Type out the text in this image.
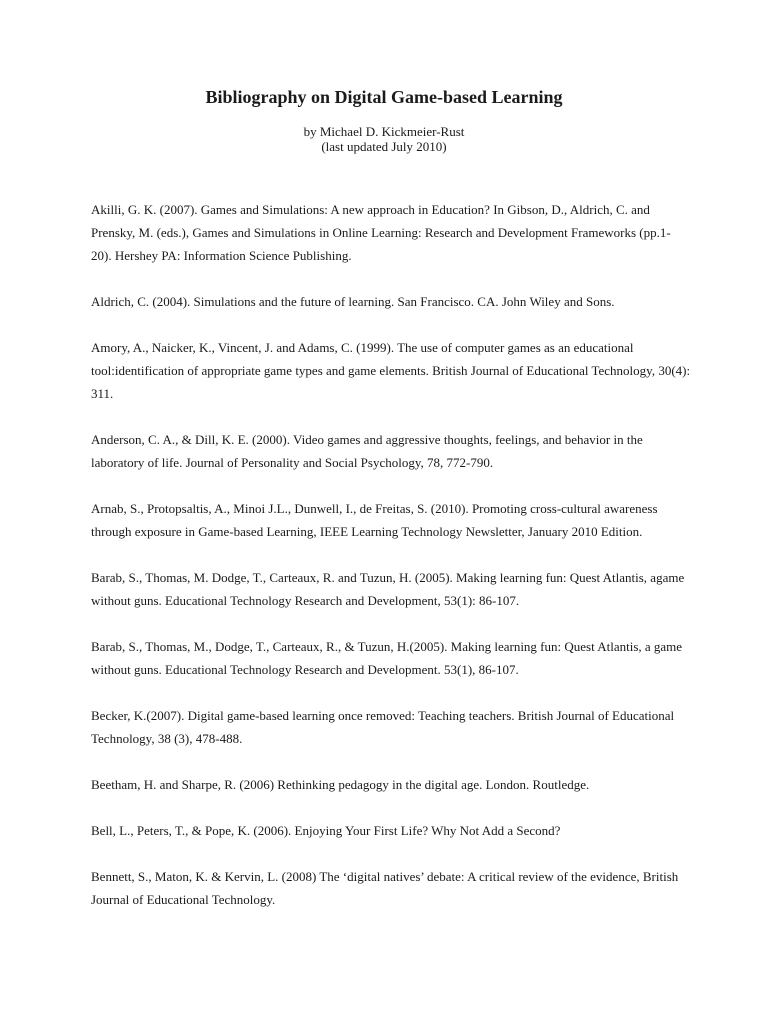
Bibliography on Digital Game-based Learning
by Michael D. Kickmeier-Rust
(last updated July 2010)

Akilli, G. K. (2007). Games and Simulations: A new approach in Education? In Gibson, D., Aldrich, C. and Prensky, M. (eds.), Games and Simulations in Online Learning: Research and Development Frameworks (pp.1-20). Hershey PA: Information Science Publishing.

Aldrich, C. (2004). Simulations and the future of learning. San Francisco. CA. John Wiley and Sons.

Amory, A., Naicker, K., Vincent, J. and Adams, C. (1999). The use of computer games as an educational tool:identification of appropriate game types and game elements. British Journal of Educational Technology, 30(4): 311.

Anderson, C. A., & Dill, K. E. (2000). Video games and aggressive thoughts, feelings, and behavior in the laboratory of life. Journal of Personality and Social Psychology, 78, 772-790.

Arnab, S., Protopsaltis, A., Minoi J.L., Dunwell, I., de Freitas, S. (2010). Promoting cross-cultural awareness through exposure in Game-based Learning, IEEE Learning Technology Newsletter, January 2010 Edition.

Barab, S., Thomas, M. Dodge, T., Carteaux, R. and Tuzun, H. (2005). Making learning fun: Quest Atlantis, agame without guns. Educational Technology Research and Development, 53(1): 86-107.

Barab, S., Thomas, M., Dodge, T., Carteaux, R., & Tuzun, H.(2005). Making learning fun: Quest Atlantis, a game without guns. Educational Technology Research and Development. 53(1), 86-107.

Becker, K.(2007). Digital game-based learning once removed: Teaching teachers. British Journal of Educational Technology, 38 (3), 478-488.

Beetham, H. and Sharpe, R. (2006) Rethinking pedagogy in the digital age. London. Routledge.

Bell, L., Peters, T., & Pope, K. (2006). Enjoying Your First Life? Why Not Add a Second?

Bennett, S., Maton, K. & Kervin, L. (2008) The ‘digital natives’ debate: A critical review of the evidence, British Journal of Educational Technology.
